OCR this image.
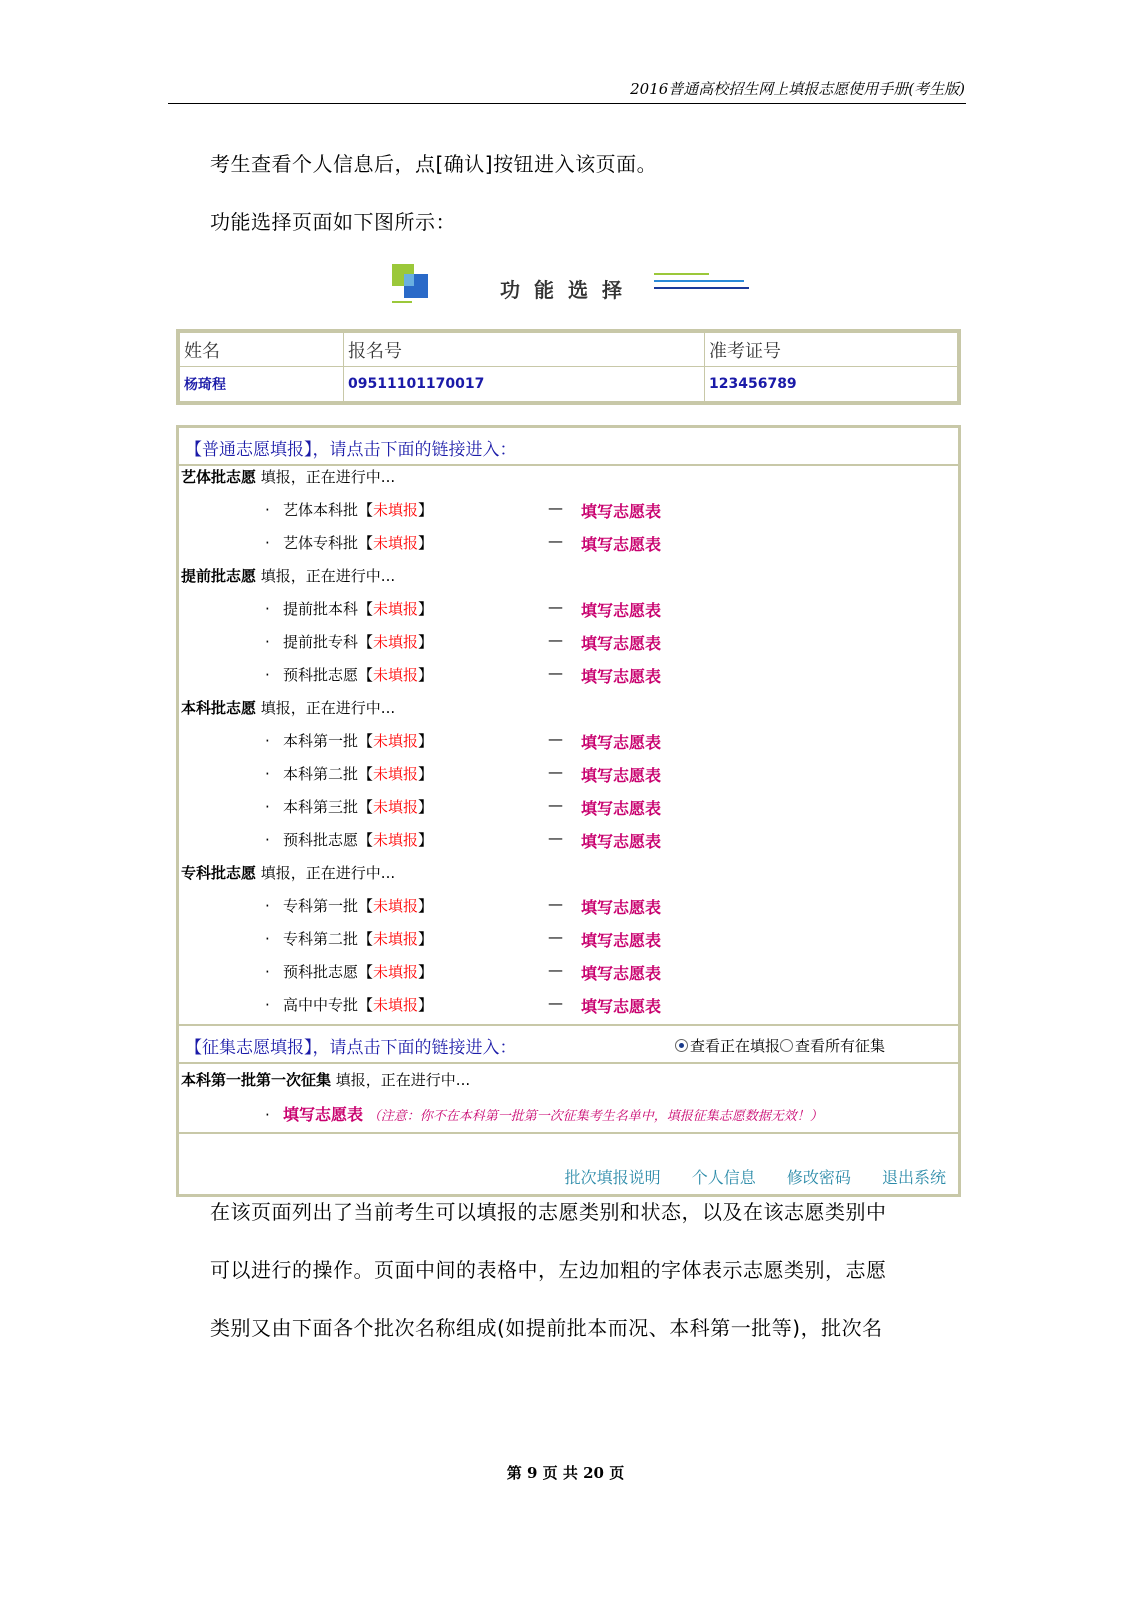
2016普通高校招生网上填报志愿使用手册(考生版)
考生查看个人信息后，点[确认]按钮进入该页面。
功能选择页面如下图所示：
功能选择
姓名	报名号	准考证号
杨琦程	09511101170017	123456789
【普通志愿填报】，请点击下面的链接进入：
艺体批志愿 填报，正在进行中...
· 艺体本科批【未填报】	— 填写志愿表
· 艺体专科批【未填报】	— 填写志愿表
提前批志愿 填报，正在进行中...
· 提前批本科【未填报】	— 填写志愿表
· 提前批专科【未填报】	— 填写志愿表
· 预科批志愿【未填报】	— 填写志愿表
本科批志愿 填报，正在进行中...
· 本科第一批【未填报】	— 填写志愿表
· 本科第二批【未填报】	— 填写志愿表
· 本科第三批【未填报】	— 填写志愿表
· 预科批志愿【未填报】	— 填写志愿表
专科批志愿 填报，正在进行中...
· 专科第一批【未填报】	— 填写志愿表
· 专科第二批【未填报】	— 填写志愿表
· 预科批志愿【未填报】	— 填写志愿表
· 高中中专批【未填报】	— 填写志愿表
【征集志愿填报】，请点击下面的链接进入：	查看正在填报 查看所有征集
本科第一批第一次征集 填报，正在进行中...
· 填写志愿表 （注意：你不在本科第一批第一次征集考生名单中，填报征集志愿数据无效！）
批次填报说明 个人信息 修改密码 退出系统
在该页面列出了当前考生可以填报的志愿类别和状态，以及在该志愿类别中
可以进行的操作。页面中间的表格中，左边加粗的字体表示志愿类别，志愿
类别又由下面各个批次名称组成(如提前批本而况、本科第一批等)，批次名
第 9 页 共 20 页
